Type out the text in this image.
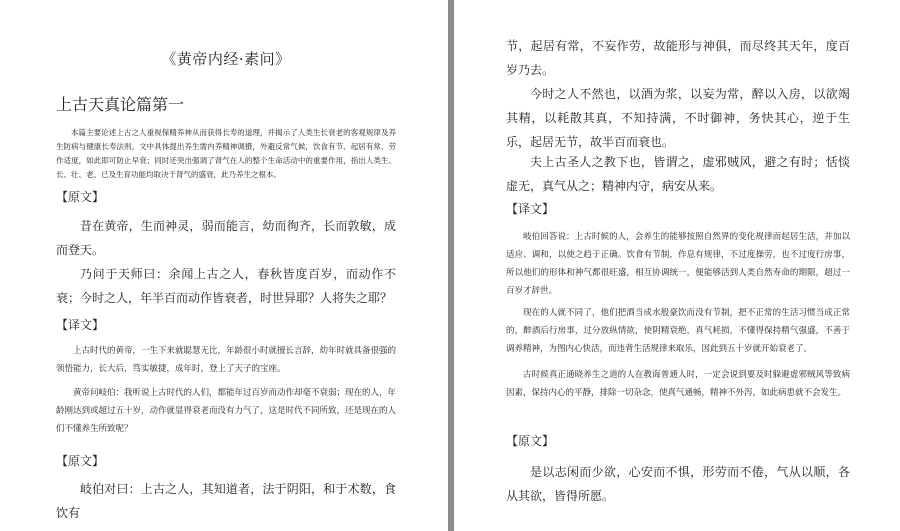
《黄帝内经·素问》
上古天真论篇第一
本篇主要论述上古之人重视保精养神从而获得长寿的道理，并揭示了人类生长衰老的客观规律及养生防病与健康长寿法则。文中具体提出养生需内养精神调摄，外避反常气候，饮食有节、起居有常、劳作适度，如此即可防止早衰；同时还突出强调了肾气在人的整个生命活动中的重要作用，指出人类生、长、壮、老、已及生育功能均取决于肾气的盛衰，此乃养生之根本。
【原文】
昔在黄帝，生而神灵，弱而能言，幼而徇齐，长而敦敏，成而登天。
乃问于天师曰：余闻上古之人，春秋皆度百岁，而动作不衰；今时之人，年半百而动作皆衰者，时世异耶？人将失之耶？
【译文】
上古时代的黄帝，一生下来就聪慧无比，年龄很小时就擅长言辞，幼年时就具备很强的领悟能力，长大后，笃实敏捷，成年时，登上了天子的宝座。
黄帝问岐伯：我听说上古时代的人们，都能年过百岁而动作却毫不衰弱；现在的人，年龄刚达到或超过五十岁，动作就显得衰老而没有力气了，这是时代不同所致，还是现在的人们不懂养生所致呢？
【原文】
岐伯对曰：上古之人，其知道者，法于阴阳，和于术数，食饮有
节，起居有常，不妄作劳，故能形与神俱，而尽终其天年，度百岁乃去。
今时之人不然也，以酒为浆，以妄为常，醉以入房，以欲竭其精，以耗散其真，不知持满，不时御神，务快其心，逆于生乐，起居无节，故半百而衰也。
夫上古圣人之教下也，皆谓之，虚邪贼风，避之有时；恬惔虚无，真气从之；精神内守，病安从来。
【译文】
岐伯回答说：上古时候的人，会养生的能够按照自然界的变化规律而起居生活，并加以适应、调和，以使之趋于正确。饮食有节制，作息有规律，不过度操劳，也不过度行房事，所以他们的形体和神气都很旺盛，相互协调统一，便能够活到人类自然寿命的期限，超过一百岁才辞世。
现在的人就不同了，他们把酒当成水般豪饮而没有节制，把不正常的生活习惯当成正常的，醉酒后行房事，过分放纵情欲，使阴精衰绝，真气耗损，不懂得保持精气强盛，不善于调养精神，为图内心快活，而违背生活规律来取乐，因此到五十岁就开始衰老了。
古时候真正通晓养生之道的人在教诲普通人时，一定会说到要及时躲避虚邪贼风等致病因素，保持内心的平静，排除一切杂念，使真气通畅，精神不外泻，如此病患就不会发生。
【原文】
是以志闲而少欲，心安而不惧，形劳而不倦，气从以顺，各从其欲，皆得所愿。
